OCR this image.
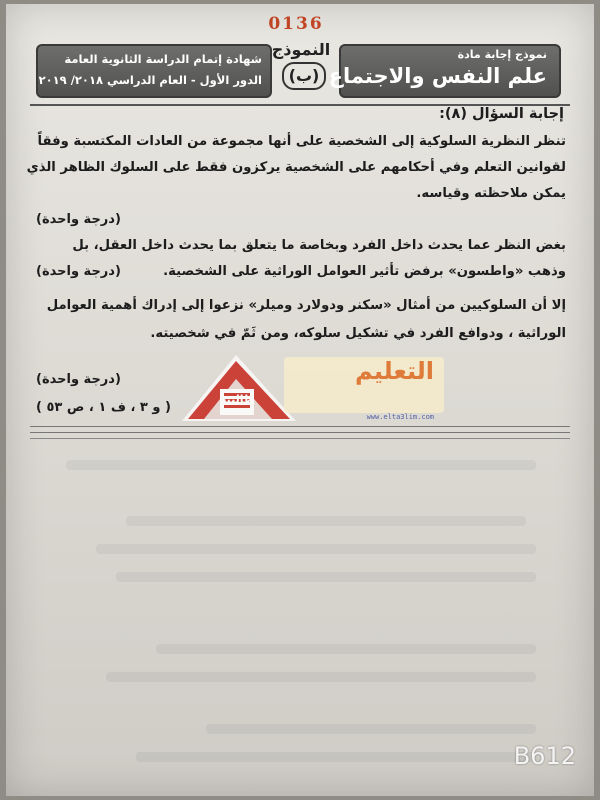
0136
نموذج إجابة مادة
علم النفس والاجتماع
النموذج
(ب)
شهادة إتمام الدراسة الثانوية العامة
الدور الأول - العام الدراسي ٢٠١٨/ ٢٠١٩
إجابة السؤال (٨):
تنظر النظرية السلوكية إلى الشخصية على أنها مجموعة من العادات المكتسبة وفقاً
لقوانين التعلم وفي أحكامهم على الشخصية يركزون فقط على السلوك الظاهر الذي
يمكن ملاحظته وقياسه.
(درجة واحدة)
بغض النظر عما يحدث داخل الفرد وبخاصة ما يتعلق بما يحدث داخل العقل، بل
وذهب «واطسون» برفض تأثير العوامل الوراثية على الشخصية.
(درجة واحدة)
إلا أن السلوكيين من أمثال «سكنر ودولارد وميلر» نزعوا إلى إدراك أهمية العوامل
الوراثية ، ودوافع الفرد في تشكيل سلوكه، ومن ثَمّ في شخصيته.
(درجة واحدة)
( و ٣ ، ف ١ ، ص ٥٣ )
طالبية
التعليم
www.elta3lim.com
B612
